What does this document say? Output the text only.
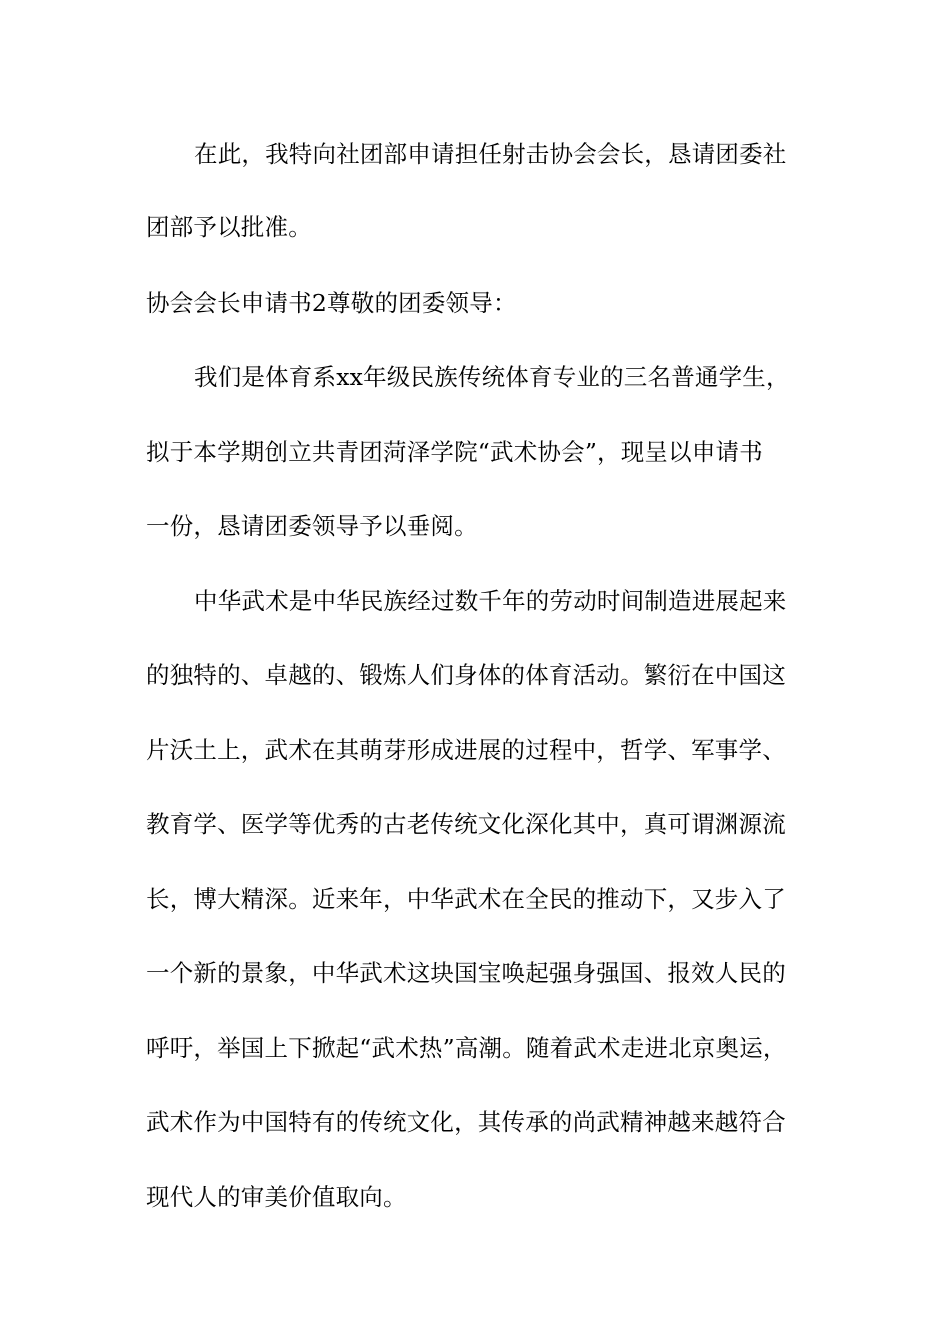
在此，我特向社团部申请担任射击协会会长，恳请团委社
团部予以批准。
协会会长申请书2尊敬的团委领导：
我们是体育系xx年级民族传统体育专业的三名普通学生，
拟于本学期创立共青团菏泽学院“武术协会”，现呈以申请书
一份，恳请团委领导予以垂阅。
中华武术是中华民族经过数千年的劳动时间制造进展起来
的独特的、卓越的、锻炼人们身体的体育活动。繁衍在中国这
片沃土上，武术在其萌芽形成进展的过程中，哲学、军事学、
教育学、医学等优秀的古老传统文化深化其中，真可谓渊源流
长，博大精深。近来年，中华武术在全民的推动下，又步入了
一个新的景象，中华武术这块国宝唤起强身强国、报效人民的
呼吁，举国上下掀起“武术热”高潮。随着武术走进北京奥运，
武术作为中国特有的传统文化，其传承的尚武精神越来越符合
现代人的审美价值取向。
